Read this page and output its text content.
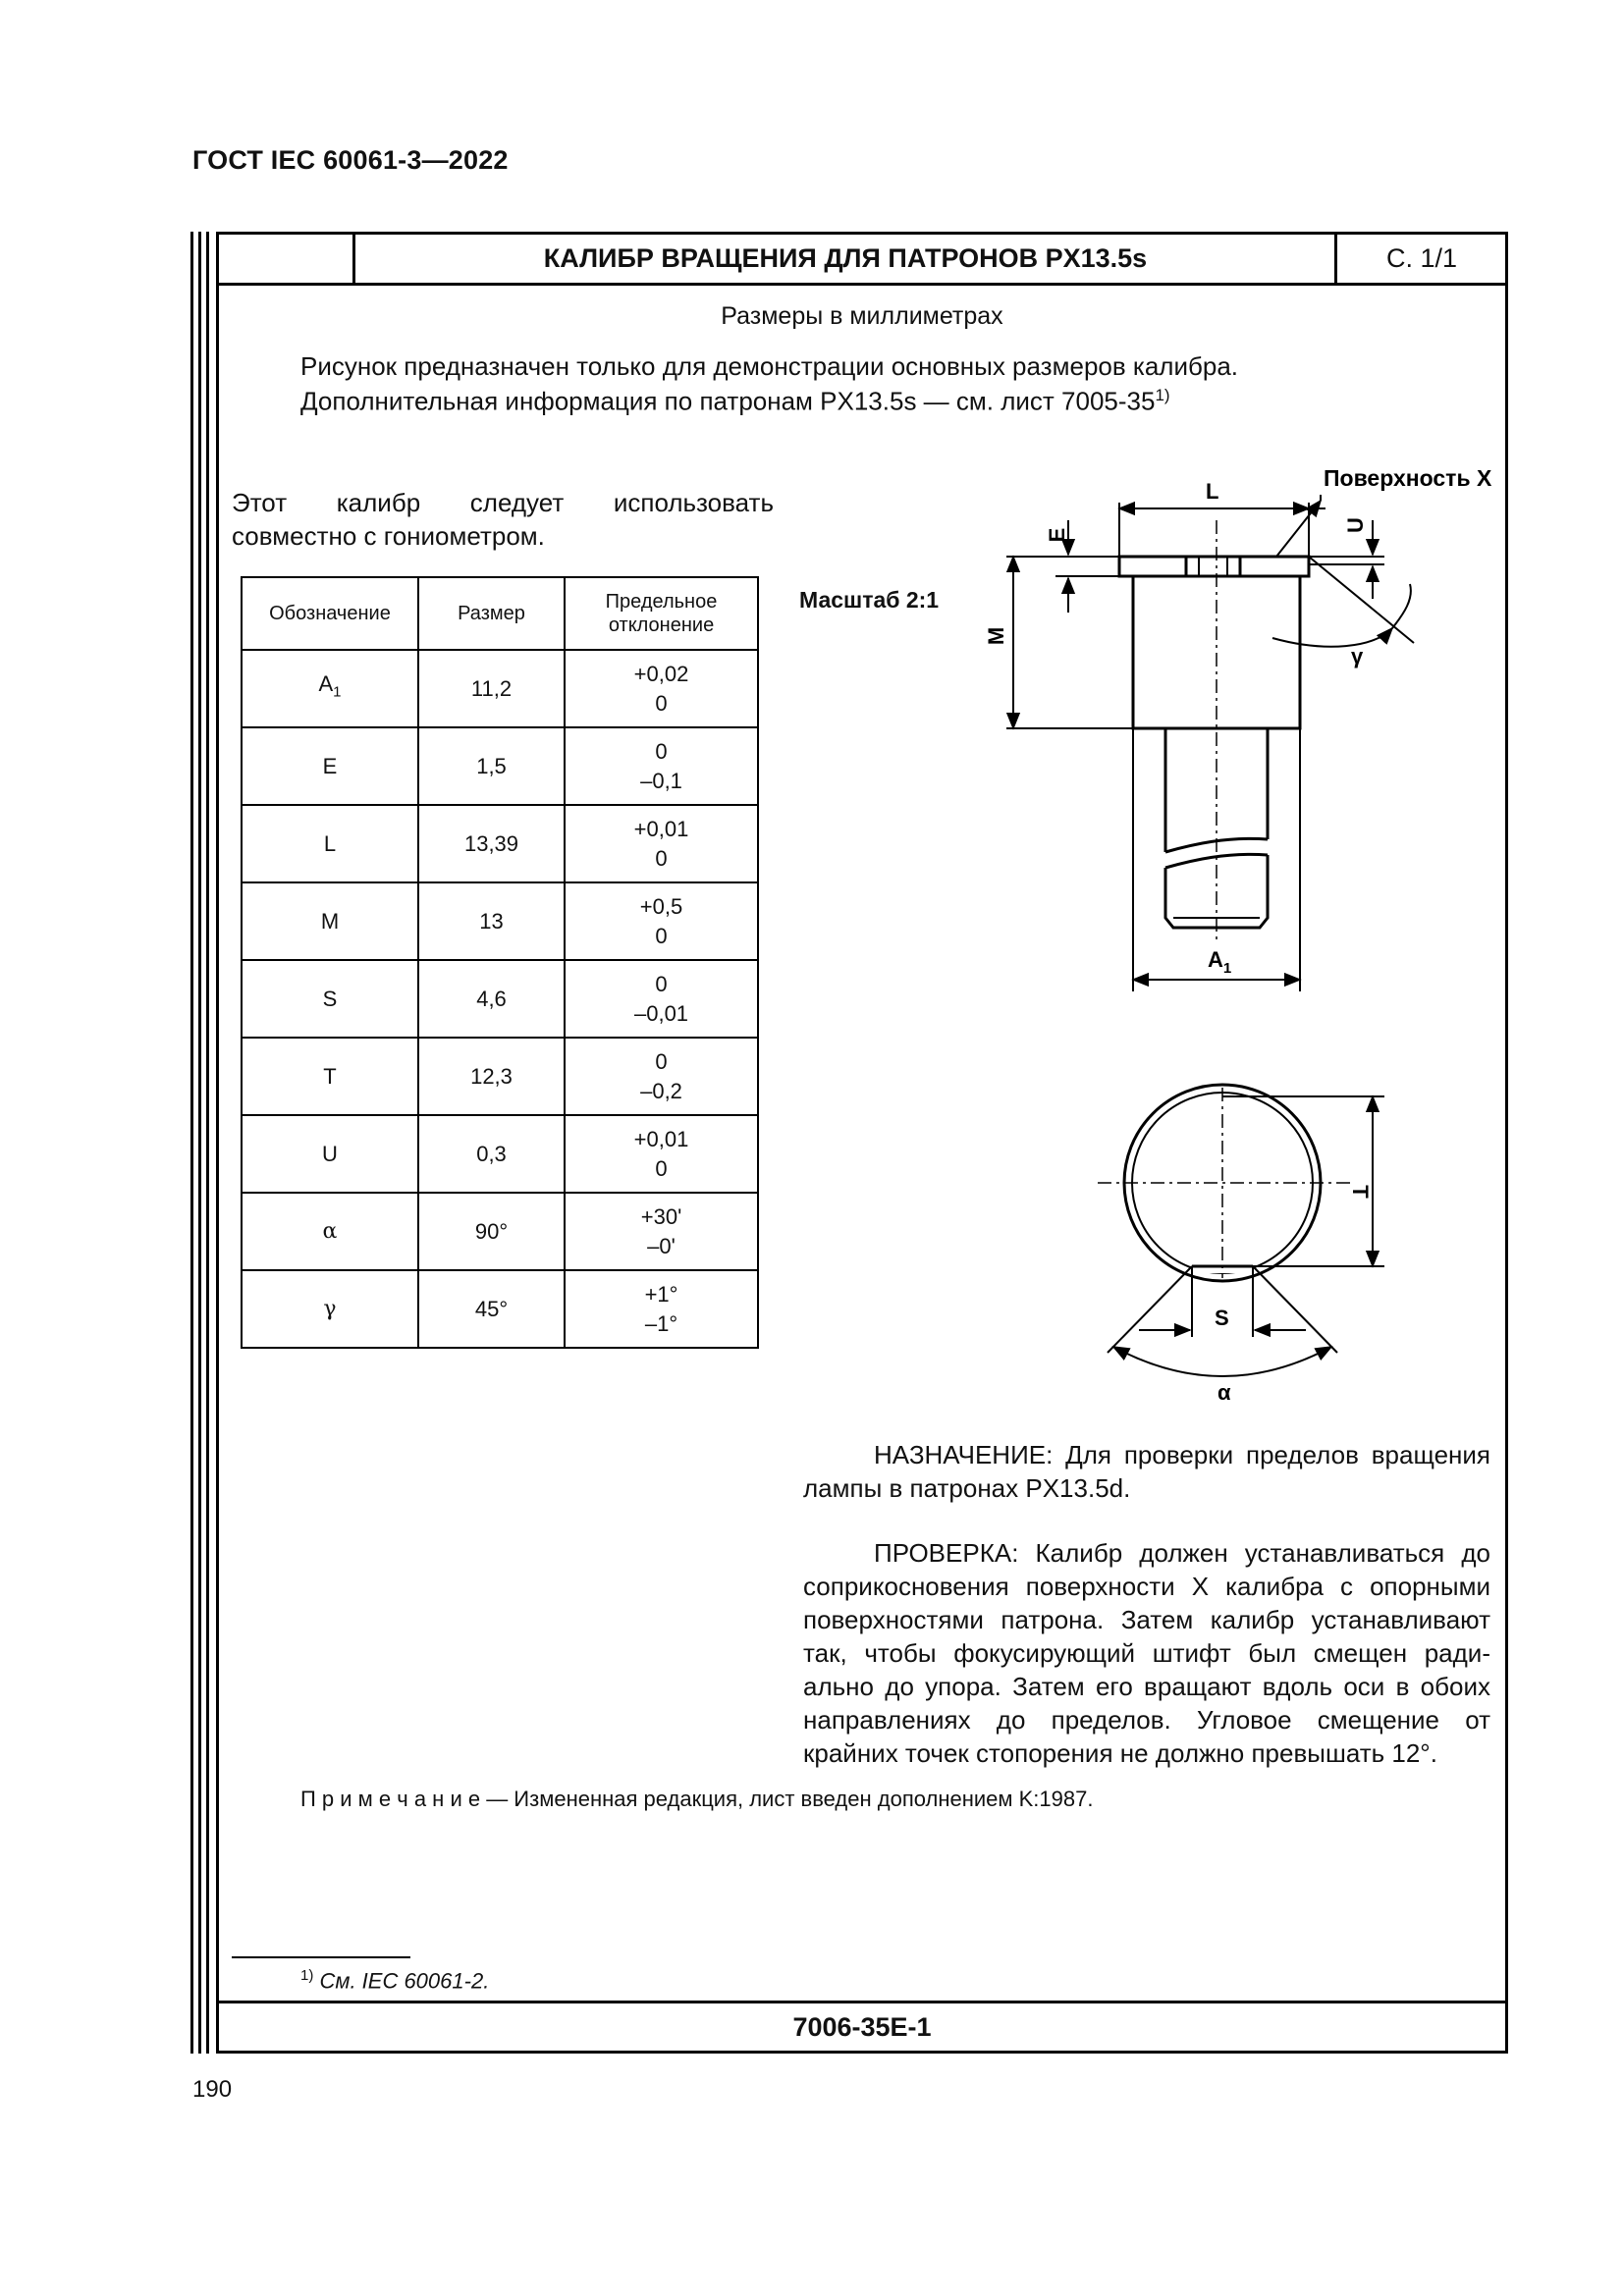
ГОСТ IEC 60061-3—2022
КАЛИБР ВРАЩЕНИЯ ДЛЯ ПАТРОНОВ PX13.5s	С. 1/1
Размеры в миллиметрах
Рисунок предназначен только для демонстрации основных размеров калибра.
Дополнительная информация по патронам PX13.5s — см. лист 7005-35$^{1)}$
Этот калибр следует использовать совместно с гониометром.
Масштаб 2:1
Обозначение	Размер	Предельное отклонение
$A_1$	11,2	+0,02
0

E	1,5	0
–0,1

L	13,39	+0,01
0

M	13	+0,5
0

S	4,6	0
–0,01

T	12,3	0
–0,2

U	0,3	+0,01
0

α	90°	+30'
–0'

γ	45°	+1°
–1°
L
Поверхность X
E
U
M
γ
$A_1$
T
S
α
НАЗНАЧЕНИЕ: Для проверки пределов вращения лампы в патронах PX13.5d.
ПРОВЕРКА: Калибр должен устанавливаться до соприкосновения поверхности X калибра с опорными поверхностями патрона. Затем калибр устанавливают так, чтобы фокусирующий штифт был смещен радиально до упора. Затем его вращают вдоль оси в обоих направлениях до пределов. Угловое смещение от крайних точек стопорения не должно превышать 12°.
П р и м е ч а н и е — Измененная редакция, лист введен дополнением K:1987.
$^{1)}$ См. IEC 60061-2.
7006-35E-1
190
